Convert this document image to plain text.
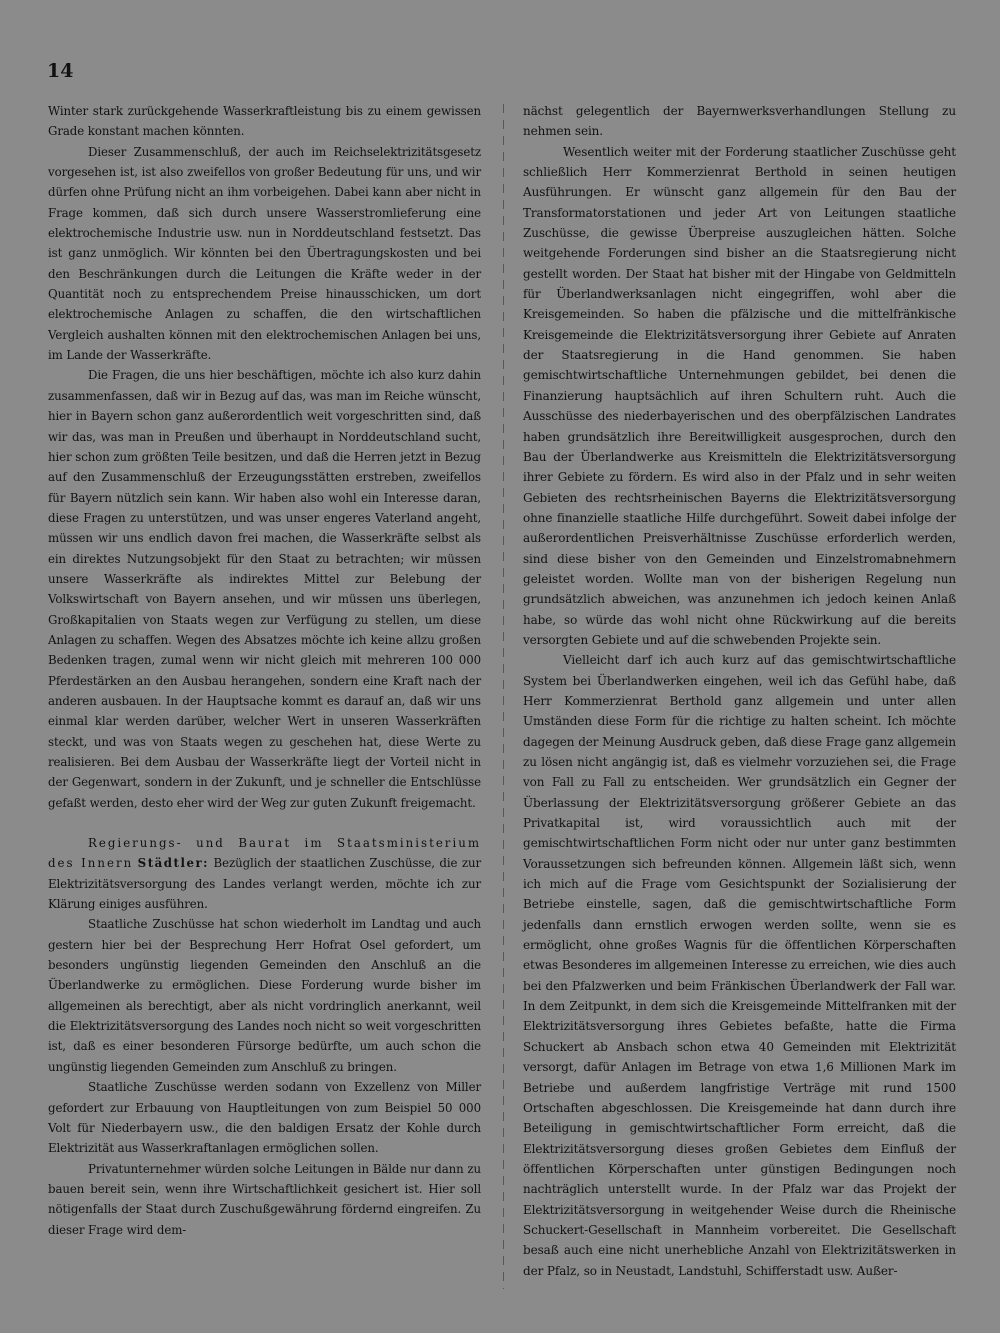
14

Winter stark zurückgehende Wasserkraftleistung bis zu einem gewissen Grade konstant machen könnten.

Dieser Zusammenschluß, der auch im Reichselektrizitätsgesetz vorgesehen ist, ist also zweifellos von großer Bedeutung für uns, und wir dürfen ohne Prüfung nicht an ihm vorbeigehen. Dabei kann aber nicht in Frage kommen, daß sich durch unsere Wasserstromlieferung eine elektrochemische Industrie usw. nun in Norddeutschland festsetzt. Das ist ganz unmöglich. Wir könnten bei den Übertragungskosten und bei den Beschränkungen durch die Leitungen die Kräfte weder in der Quantität noch zu entsprechendem Preise hinausschicken, um dort elektrochemische Anlagen zu schaffen, die den wirtschaftlichen Vergleich aushalten können mit den elektrochemischen Anlagen bei uns, im Lande der Wasserkräfte.

Die Fragen, die uns hier beschäftigen, möchte ich also kurz dahin zusammenfassen, daß wir in Bezug auf das, was man im Reiche wünscht, hier in Bayern schon ganz außerordentlich weit vorgeschritten sind, daß wir das, was man in Preußen und überhaupt in Norddeutschland sucht, hier schon zum größten Teile besitzen, und daß die Herren jetzt in Bezug auf den Zusammenschluß der Erzeugungsstätten erstreben, zweifellos für Bayern nützlich sein kann. Wir haben also wohl ein Interesse daran, diese Fragen zu unterstützen, und was unser engeres Vaterland angeht, müssen wir uns endlich davon frei machen, die Wasserkräfte selbst als ein direktes Nutzungsobjekt für den Staat zu betrachten; wir müssen unsere Wasserkräfte als indirektes Mittel zur Belebung der Volkswirtschaft von Bayern ansehen, und wir müssen uns überlegen, Großkapitalien von Staats wegen zur Verfügung zu stellen, um diese Anlagen zu schaffen. Wegen des Absatzes möchte ich keine allzu großen Bedenken tragen, zumal wenn wir nicht gleich mit mehreren 100 000 Pferdestärken an den Ausbau herangehen, sondern eine Kraft nach der anderen ausbauen. In der Hauptsache kommt es darauf an, daß wir uns einmal klar werden darüber, welcher Wert in unseren Wasserkräften steckt, und was von Staats wegen zu geschehen hat, diese Werte zu realisieren. Bei dem Ausbau der Wasserkräfte liegt der Vorteil nicht in der Gegenwart, sondern in der Zukunft, und je schneller die Entschlüsse gefaßt werden, desto eher wird der Weg zur guten Zukunft freigemacht.

Regierungs- und Baurat im Staatsministerium des Innern Städtler: Bezüglich der staatlichen Zuschüsse, die zur Elektrizitätsversorgung des Landes verlangt werden, möchte ich zur Klärung einiges ausführen.

Staatliche Zuschüsse hat schon wiederholt im Landtag und auch gestern hier bei der Besprechung Herr Hofrat Osel gefordert, um besonders ungünstig liegenden Gemeinden den Anschluß an die Überlandwerke zu ermöglichen. Diese Forderung wurde bisher im allgemeinen als berechtigt, aber als nicht vordringlich anerkannt, weil die Elektrizitätsversorgung des Landes noch nicht so weit vorgeschritten ist, daß es einer besonderen Fürsorge bedürfte, um auch schon die ungünstig liegenden Gemeinden zum Anschluß zu bringen.

Staatliche Zuschüsse werden sodann von Exzellenz von Miller gefordert zur Erbauung von Hauptleitungen von zum Beispiel 50 000 Volt für Niederbayern usw., die den baldigen Ersatz der Kohle durch Elektrizität aus Wasserkraftanlagen ermöglichen sollen.

Privatunternehmer würden solche Leitungen in Bälde nur dann zu bauen bereit sein, wenn ihre Wirtschaftlichkeit gesichert ist. Hier soll nötigenfalls der Staat durch Zuschußgewährung fördernd eingreifen. Zu dieser Frage wird dem-

nächst gelegentlich der Bayernwerksverhandlungen Stellung zu nehmen sein.

Wesentlich weiter mit der Forderung staatlicher Zuschüsse geht schließlich Herr Kommerzienrat Berthold in seinen heutigen Ausführungen. Er wünscht ganz allgemein für den Bau der Transformatorstationen und jeder Art von Leitungen staatliche Zuschüsse, die gewisse Überpreise auszugleichen hätten. Solche weitgehende Forderungen sind bisher an die Staatsregierung nicht gestellt worden. Der Staat hat bisher mit der Hingabe von Geldmitteln für Überlandwerksanlagen nicht eingegriffen, wohl aber die Kreisgemeinden. So haben die pfälzische und die mittelfränkische Kreisgemeinde die Elektrizitätsversorgung ihrer Gebiete auf Anraten der Staatsregierung in die Hand genommen. Sie haben gemischtwirtschaftliche Unternehmungen gebildet, bei denen die Finanzierung hauptsächlich auf ihren Schultern ruht. Auch die Ausschüsse des niederbayerischen und des oberpfälzischen Landrates haben grundsätzlich ihre Bereitwilligkeit ausgesprochen, durch den Bau der Überlandwerke aus Kreismitteln die Elektrizitätsversorgung ihrer Gebiete zu fördern. Es wird also in der Pfalz und in sehr weiten Gebieten des rechtsrheinischen Bayerns die Elektrizitätsversorgung ohne finanzielle staatliche Hilfe durchgeführt. Soweit dabei infolge der außerordentlichen Preisverhältnisse Zuschüsse erforderlich werden, sind diese bisher von den Gemeinden und Einzelstromabnehmern geleistet worden. Wollte man von der bisherigen Regelung nun grundsätzlich abweichen, was anzunehmen ich jedoch keinen Anlaß habe, so würde das wohl nicht ohne Rückwirkung auf die bereits versorgten Gebiete und auf die schwebenden Projekte sein.

Vielleicht darf ich auch kurz auf das gemischtwirtschaftliche System bei Überlandwerken eingehen, weil ich das Gefühl habe, daß Herr Kommerzienrat Berthold ganz allgemein und unter allen Umständen diese Form für die richtige zu halten scheint. Ich möchte dagegen der Meinung Ausdruck geben, daß diese Frage ganz allgemein zu lösen nicht angängig ist, daß es vielmehr vorzuziehen sei, die Frage von Fall zu Fall zu entscheiden. Wer grundsätzlich ein Gegner der Überlassung der Elektrizitätsversorgung größerer Gebiete an das Privatkapital ist, wird voraussichtlich auch mit der gemischtwirtschaftlichen Form nicht oder nur unter ganz bestimmten Voraussetzungen sich befreunden können. Allgemein läßt sich, wenn ich mich auf die Frage vom Gesichtspunkt der Sozialisierung der Betriebe einstelle, sagen, daß die gemischtwirtschaftliche Form jedenfalls dann ernstlich erwogen werden sollte, wenn sie es ermöglicht, ohne großes Wagnis für die öffentlichen Körperschaften etwas Besonderes im allgemeinen Interesse zu erreichen, wie dies auch bei den Pfalzwerken und beim Fränkischen Überlandwerk der Fall war. In dem Zeitpunkt, in dem sich die Kreisgemeinde Mittelfranken mit der Elektrizitätsversorgung ihres Gebietes befaßte, hatte die Firma Schuckert ab Ansbach schon etwa 40 Gemeinden mit Elektrizität versorgt, dafür Anlagen im Betrage von etwa 1,6 Millionen Mark im Betriebe und außerdem langfristige Verträge mit rund 1500 Ortschaften abgeschlossen. Die Kreisgemeinde hat dann durch ihre Beteiligung in gemischtwirtschaftlicher Form erreicht, daß die Elektrizitätsversorgung dieses großen Gebietes dem Einfluß der öffentlichen Körperschaften unter günstigen Bedingungen noch nachträglich unterstellt wurde. In der Pfalz war das Projekt der Elektrizitätsversorgung in weitgehender Weise durch die Rheinische Schuckert-Gesellschaft in Mannheim vorbereitet. Die Gesellschaft besaß auch eine nicht unerhebliche Anzahl von Elektrizitätswerken in der Pfalz, so in Neustadt, Landstuhl, Schifferstadt usw. Außer-
